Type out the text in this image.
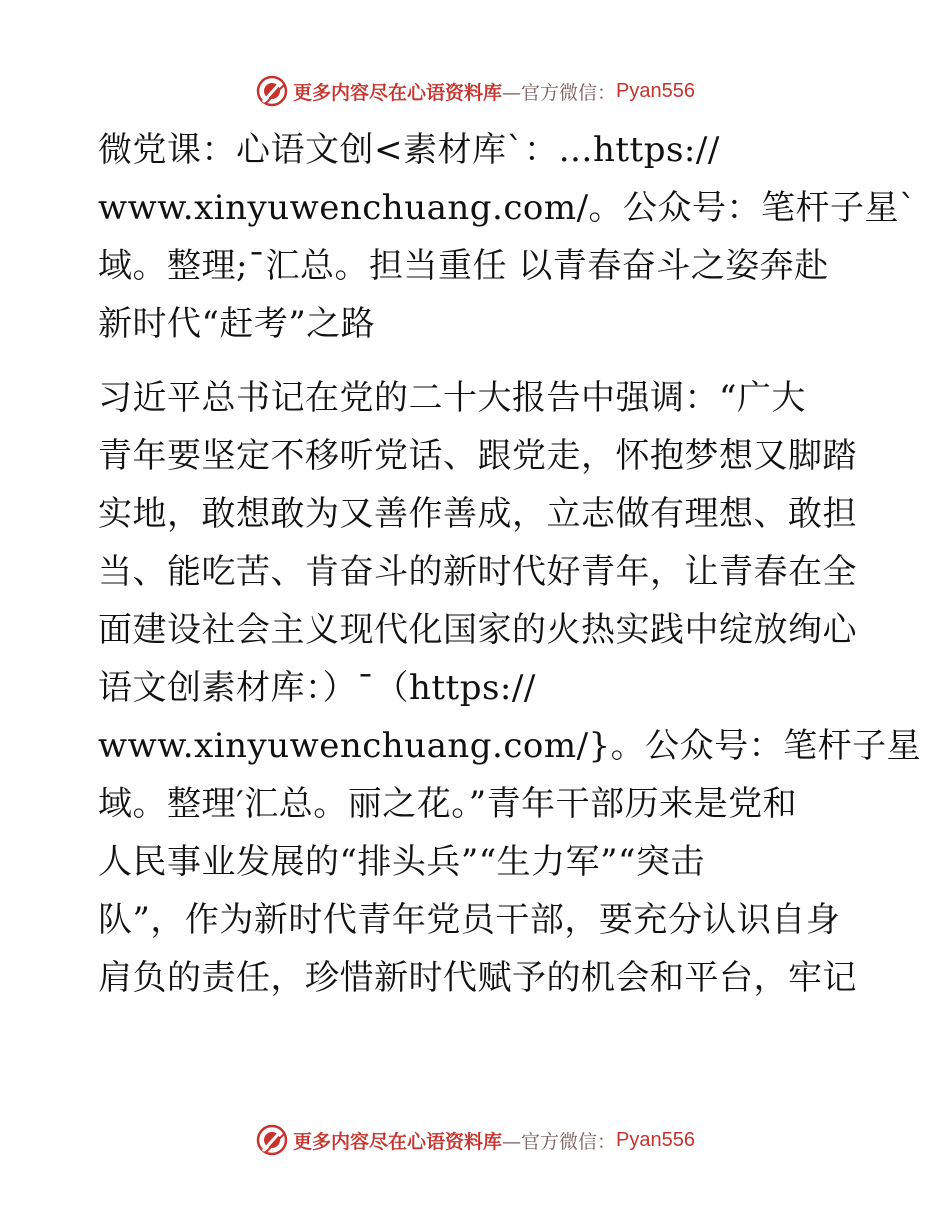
更多内容尽在心语资料库 —官方微信： Pyan556

微党课：心语文创<素材库`：…https://

www.xinyuwenchuang.com/。公众号：笔杆子星`

域。整理;¯汇总。担当重任 以青春奋斗之姿奔赴

新时代“赶考”之路

习近平总书记在党的二十大报告中强调：“广大

青年要坚定不移听党话、跟党走，怀抱梦想又脚踏

实地，敢想敢为又善作善成，立志做有理想、敢担

当、能吃苦、肯奋斗的新时代好青年，让青春在全

面建设社会主义现代化国家的火热实践中绽放绚心

语文创素材库：）¯（https://

www.xinyuwenchuang.com/}。公众号：笔杆子星

域。整理′汇总。丽之花。”青年干部历来是党和

人民事业发展的“排头兵”“生力军”“突击

队”，作为新时代青年党员干部，要充分认识自身

肩负的责任，珍惜新时代赋予的机会和平台，牢记

更多内容尽在心语资料库 —官方微信： Pyan556
